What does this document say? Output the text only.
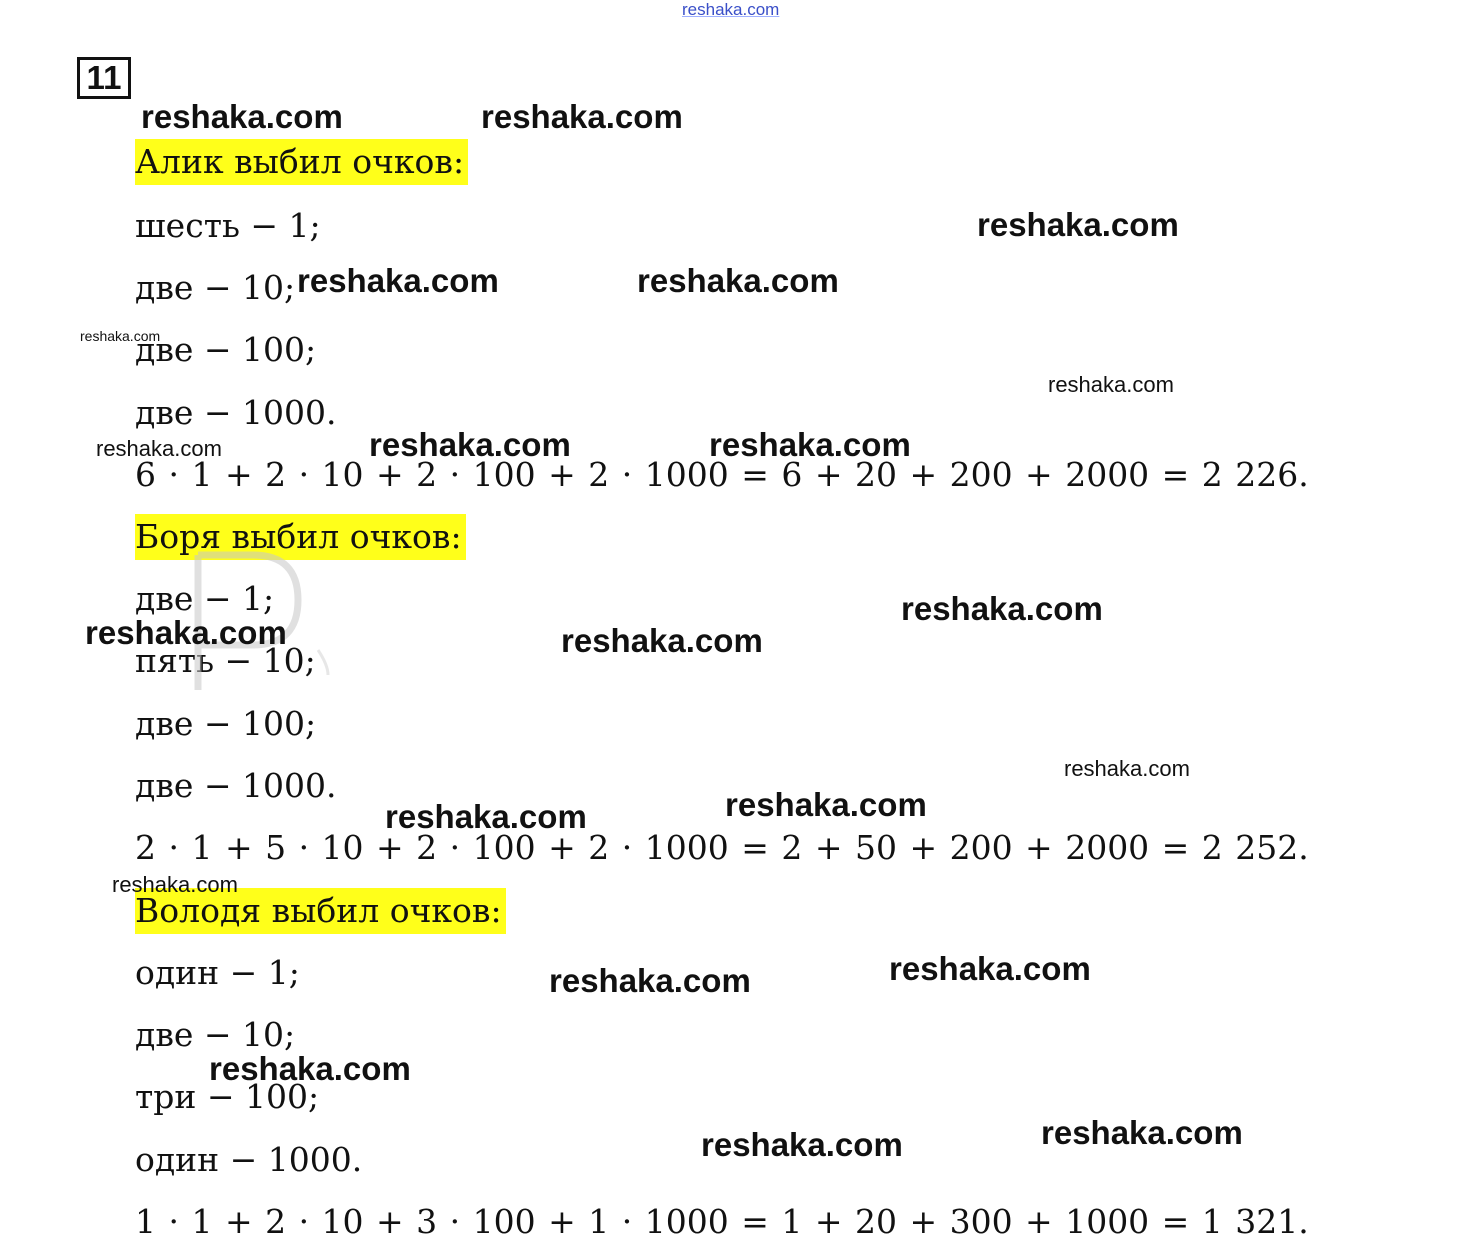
reshaka.com
11
Алик выбил очков:
шесть − 1;
две − 10;
две − 100;
две − 1000.
6 · 1 + 2 · 10 + 2 · 100 + 2 · 1000 = 6 + 20 + 200 + 2000 = 2 226.
Боря выбил очков:
две − 1;
пять − 10;
две − 100;
две − 1000.
2 · 1 + 5 · 10 + 2 · 100 + 2 · 1000 = 2 + 50 + 200 + 2000 = 2 252.
Володя выбил очков:
один − 1;
две − 10;
три − 100;
один − 1000.
1 · 1 + 2 · 10 + 3 · 100 + 1 · 1000 = 1 + 20 + 300 + 1000 = 1 321.
reshaka.com	reshaka.com
reshaka.com
reshaka.com	reshaka.com
reshaka.com
reshaka.com
reshaka.com	reshaka.com	reshaka.com
reshaka.com
reshaka.com	reshaka.com
reshaka.com
reshaka.com
reshaka.com
reshaka.com
reshaka.com
reshaka.com
reshaka.com
reshaka.com
reshaka.com
